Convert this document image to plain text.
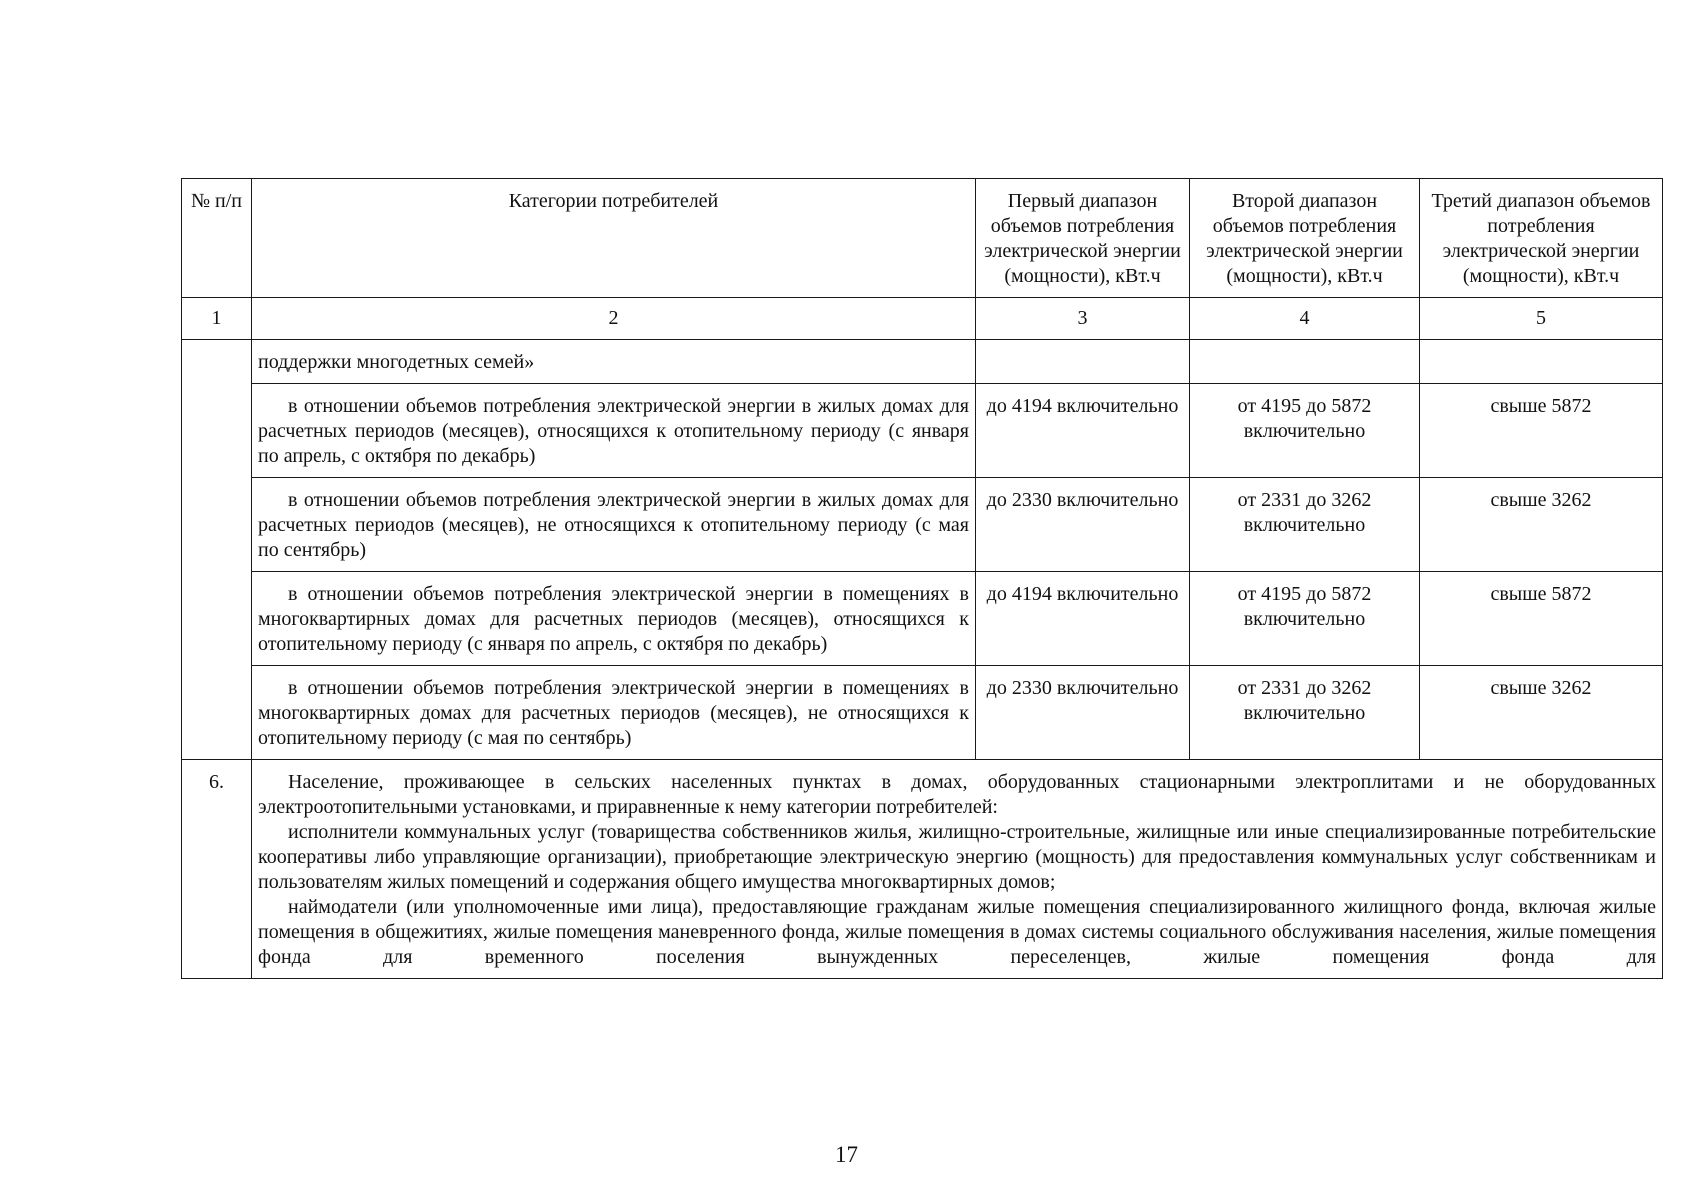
№ п/п	Категории потребителей	Первый диапазон объемов потребления электрической энергии (мощности), кВт.ч	Второй диапазон объемов потребления электрической энергии (мощности), кВт.ч	Третий диапазон объемов потребления электрической энергии (мощности), кВт.ч
1	2	3	4	5
	поддержки многодетных семей»			
	в отношении объемов потребления электрической энергии в жилых домах для расчетных периодов (месяцев), относящихся к отопительному периоду (с января по апрель, с октября по декабрь)	до 4194 включительно	от 4195 до 5872 включительно	свыше 5872
	в отношении объемов потребления электрической энергии в жилых домах для расчетных периодов (месяцев), не относящихся к отопительному периоду (с мая по сентябрь)	до 2330 включительно	от 2331 до 3262 включительно	свыше 3262
	в отношении объемов потребления электрической энергии в помещениях в многоквартирных домах для расчетных периодов (месяцев), относящихся к отопительному периоду (с января по апрель, с октября по декабрь)	до 4194 включительно	от 4195 до 5872 включительно	свыше 5872
	в отношении объемов потребления электрической энергии в помещениях в многоквартирных домах для расчетных периодов (месяцев), не относящихся к отопительному периоду (с мая по сентябрь)	до 2330 включительно	от 2331 до 3262 включительно	свыше 3262
6.	Население, проживающее в сельских населенных пунктах в домах, оборудованных стационарными электроплитами и не оборудованных электроотопительными установками, и приравненные к нему категории потребителей:

исполнители коммунальных услуг (товарищества собственников жилья, жилищно-строительные, жилищные или иные специализированные потребительские кооперативы либо управляющие организации), приобретающие электрическую энергию (мощность) для предоставления коммунальных услуг собственникам и пользователям жилых помещений и содержания общего имущества многоквартирных домов;

наймодатели (или уполномоченные ими лица), предоставляющие гражданам жилые помещения специализированного жилищного фонда, включая жилые помещения в общежитиях, жилые помещения маневренного фонда, жилые помещения в домах системы социального обслуживания населения, жилые помещения фонда для временного поселения вынужденных переселенцев, жилые помещения фонда для			

17
